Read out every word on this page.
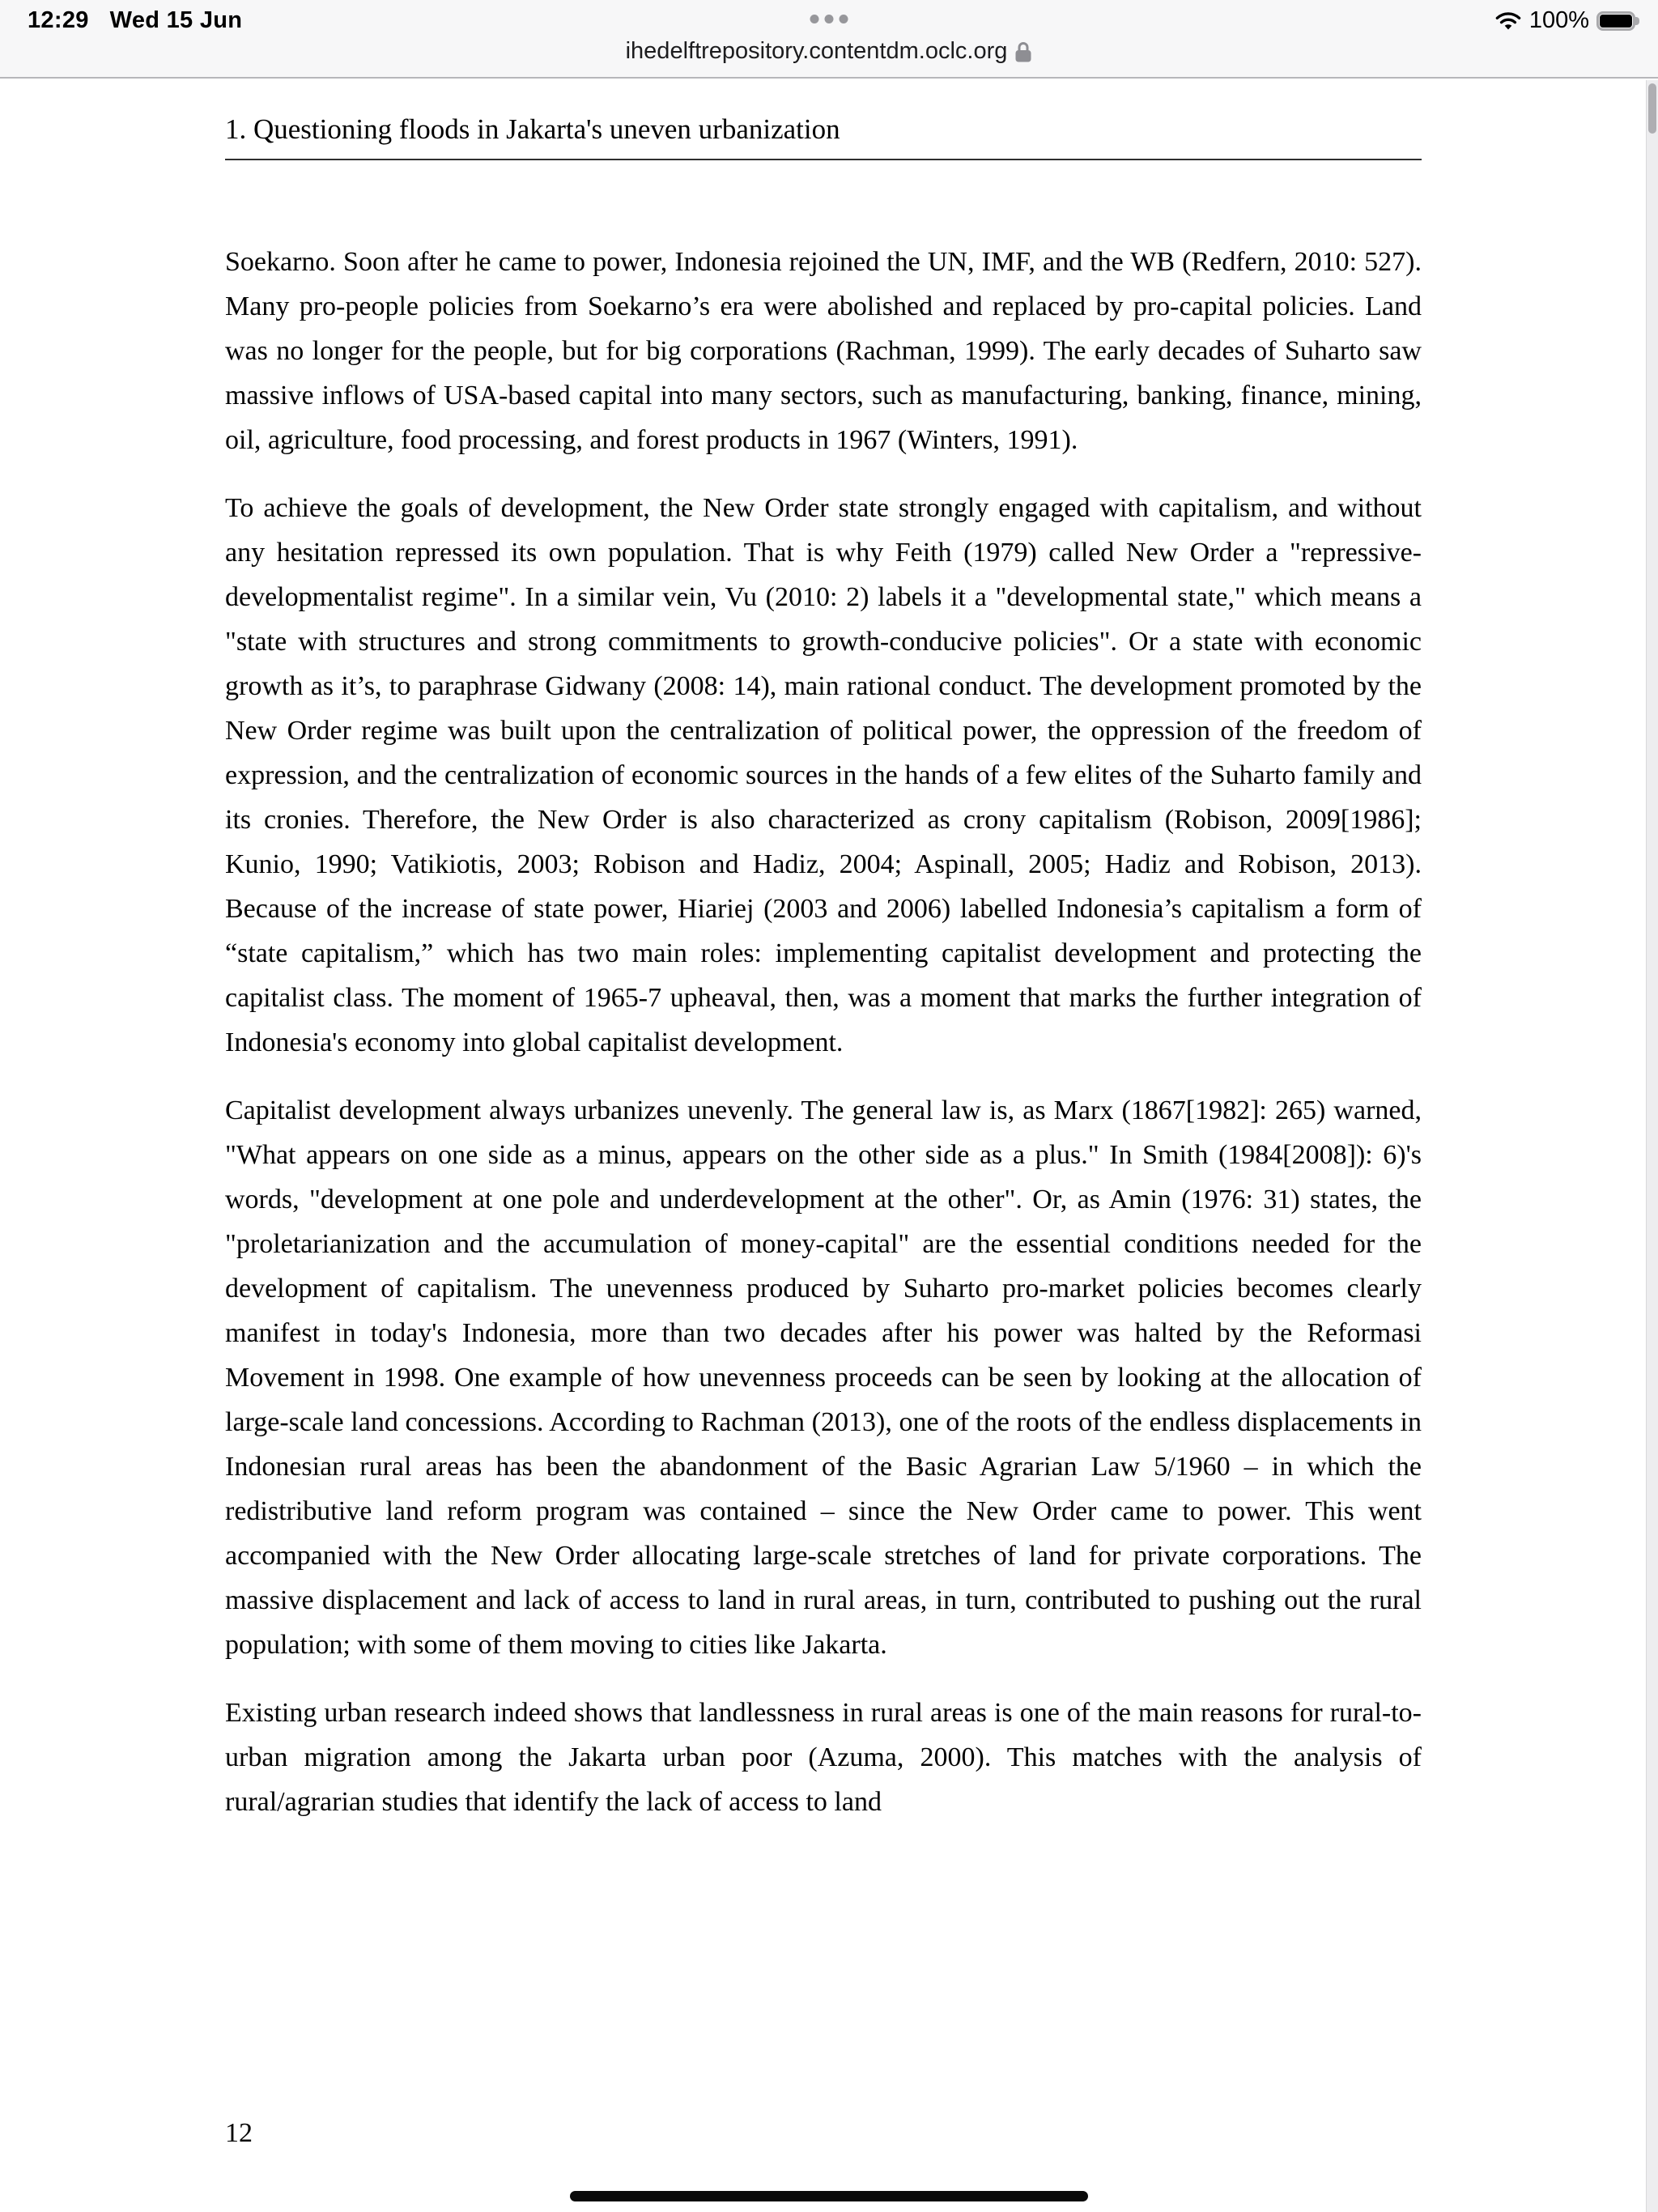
12:29 Wed 15 Jun	100%
ihedelftrepository.contentdm.oclc.org
1. Questioning floods in Jakarta's uneven urbanization

Soekarno. Soon after he came to power, Indonesia rejoined the UN, IMF, and the WB (Redfern, 2010: 527). Many pro-people policies from Soekarno’s era were abolished and replaced by pro-capital policies. Land was no longer for the people, but for big corporations (Rachman, 1999). The early decades of Suharto saw massive inflows of USA-based capital into many sectors, such as manufacturing, banking, finance, mining, oil, agriculture, food processing, and forest products in 1967 (Winters, 1991).

To achieve the goals of development, the New Order state strongly engaged with capitalism, and without any hesitation repressed its own population. That is why Feith (1979) called New Order a "repressive-developmentalist regime". In a similar vein, Vu (2010: 2) labels it a "developmental state," which means a "state with structures and strong commitments to growth-conducive policies". Or a state with economic growth as it’s, to paraphrase Gidwany (2008: 14), main rational conduct. The development promoted by the New Order regime was built upon the centralization of political power, the oppression of the freedom of expression, and the centralization of economic sources in the hands of a few elites of the Suharto family and its cronies. Therefore, the New Order is also characterized as crony capitalism (Robison, 2009[1986]; Kunio, 1990; Vatikiotis, 2003; Robison and Hadiz, 2004; Aspinall, 2005; Hadiz and Robison, 2013). Because of the increase of state power, Hiariej (2003 and 2006) labelled Indonesia’s capitalism a form of “state capitalism,” which has two main roles: implementing capitalist development and protecting the capitalist class. The moment of 1965-7 upheaval, then, was a moment that marks the further integration of Indonesia's economy into global capitalist development.

Capitalist development always urbanizes unevenly. The general law is, as Marx (1867[1982]: 265) warned, "What appears on one side as a minus, appears on the other side as a plus." In Smith (1984[2008]): 6)'s words, "development at one pole and underdevelopment at the other". Or, as Amin (1976: 31) states, the "proletarianization and the accumulation of money-capital" are the essential conditions needed for the development of capitalism. The unevenness produced by Suharto pro-market policies becomes clearly manifest in today's Indonesia, more than two decades after his power was halted by the Reformasi Movement in 1998. One example of how unevenness proceeds can be seen by looking at the allocation of large-scale land concessions. According to Rachman (2013), one of the roots of the endless displacements in Indonesian rural areas has been the abandonment of the Basic Agrarian Law 5/1960 – in which the redistributive land reform program was contained – since the New Order came to power. This went accompanied with the New Order allocating large-scale stretches of land for private corporations. The massive displacement and lack of access to land in rural areas, in turn, contributed to pushing out the rural population; with some of them moving to cities like Jakarta.

Existing urban research indeed shows that landlessness in rural areas is one of the main reasons for rural-to-urban migration among the Jakarta urban poor (Azuma, 2000). This matches with the analysis of rural/agrarian studies that identify the lack of access to land

12
